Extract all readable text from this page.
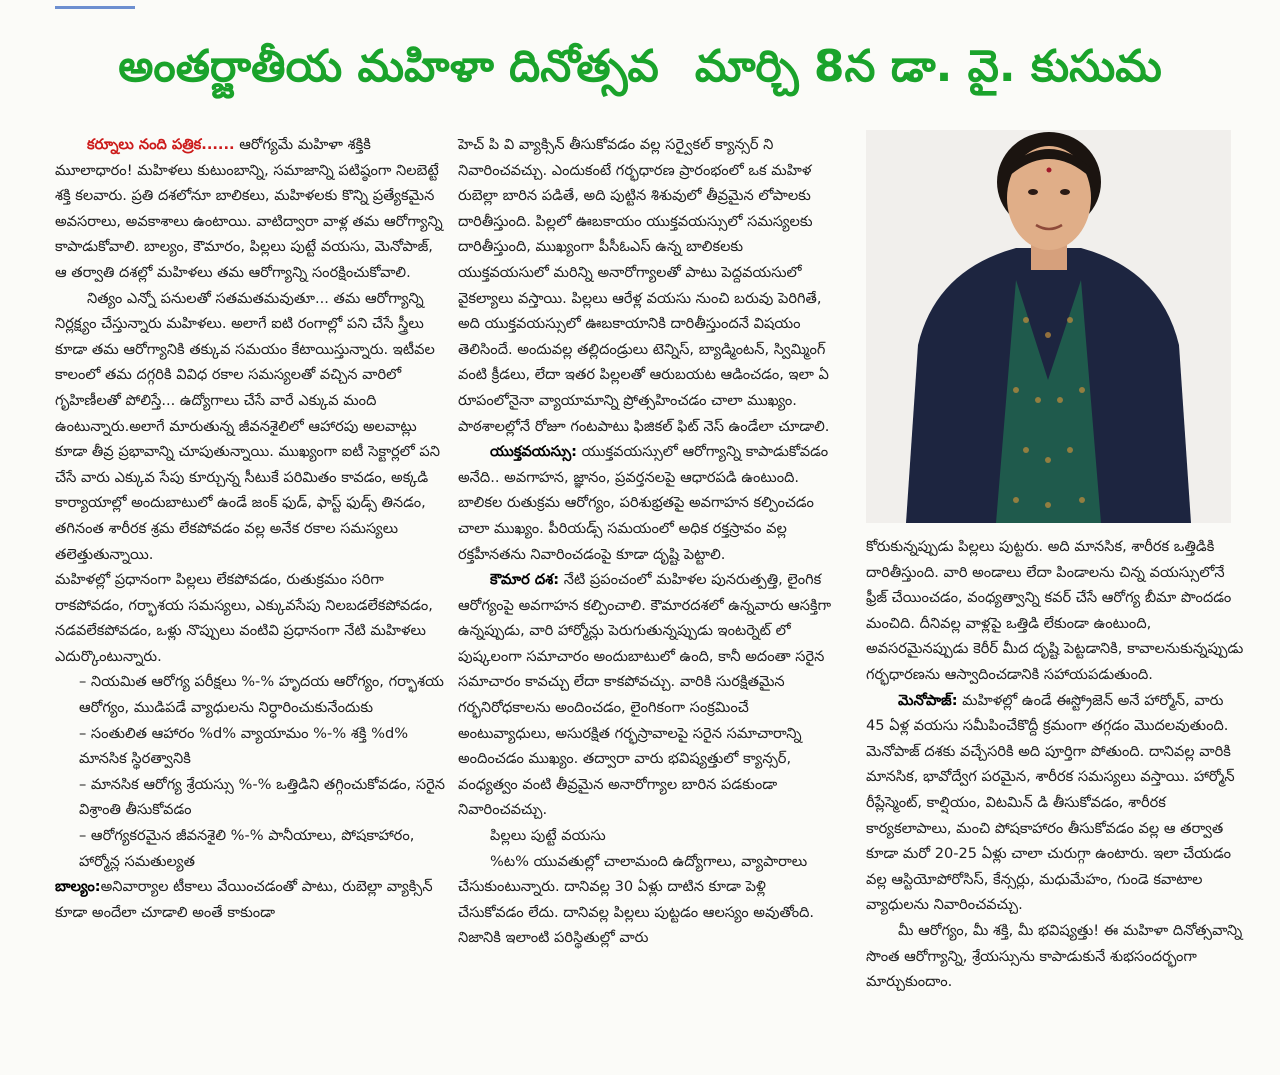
అంతర్జాతీయ మహిళా దినోత్సవ మార్చి 8న డా. వై. కుసుమ

కర్నూలు నంది పత్రిక...... ఆరోగ్యమే మహిళా శక్తికి మూలాధారం! మహిళలు కుటుంబాన్ని, సమాజాన్ని పటిష్ఠంగా నిలబెట్టే శక్తి కలవారు. ప్రతి దశలోనూ బాలికలు, మహిళలకు కొన్ని ప్రత్యేకమైన అవసరాలు, అవకాశాలు ఉంటాయి. వాటిద్వారా వాళ్ల తమ ఆరోగ్యాన్ని కాపాడుకోవాలి. బాల్యం, కౌమారం, పిల్లలు పుట్టే వయసు, మెనోపాజ్, ఆ తర్వాతి దశల్లో మహిళలు తమ ఆరోగ్యాన్ని సంరక్షించుకోవాలి.

నిత్యం ఎన్నో పనులతో సతమతమవుతూ... తమ ఆరోగ్యాన్ని నిర్లక్ష్యం చేస్తున్నారు మహిళలు. అలాగే ఐటి రంగాల్లో పని చేసే స్త్రీలు కూడా తమ ఆరోగ్యానికి తక్కువ సమయం కేటాయిస్తున్నారు. ఇటీవల కాలంలో తమ దగ్గరికి వివిధ రకాల సమస్యలతో వచ్చిన వారిలో గృహిణీలతో పోలిస్తే... ఉద్యోగాలు చేసే వారే ఎక్కువ మంది ఉంటున్నారు.అలాగే మారుతున్న జీవనశైలిలో ఆహారపు అలవాట్లు కూడా తీవ్ర ప్రభావాన్ని చూపుతున్నాయి. ముఖ్యంగా ఐటీ సెక్టార్లలో పని చేసే వారు ఎక్కువ సేపు కూర్చున్న సీటుకే పరిమితం కావడం, అక్కడి కార్యాయాల్లో అందుబాటులో ఉండే జంక్ ఫుడ్, ఫాస్ట్ ఫుడ్స్ తినడం, తగినంత శారీరక శ్రమ లేకపోవడం వల్ల అనేక రకాల సమస్యలు తలెత్తుతున్నాయి.

మహిళల్లో ప్రధానంగా పిల్లలు లేకపోవడం, రుతుక్రమం సరిగా రాకపోవడం, గర్భాశయ సమస్యలు, ఎక్కువసేపు నిలబడలేకపోవడం, నడవలేకపోవడం, ఒళ్లు నొప్పులు వంటివి ప్రధానంగా నేటి మహిళలు ఎదుర్కొంటున్నారు.

– నియమిత ఆరోగ్య పరీక్షలు %-% హృదయ ఆరోగ్యం, గర్భాశయ ఆరోగ్యం, ముడిపడే వ్యాధులను నిర్ధారించుకునేందుకు

– సంతులిత ఆహారం %d% వ్యాయామం %-% శక్తి %d% మానసిక స్థిరత్వానికి

– మానసిక ఆరోగ్య శ్రేయస్సు %-% ఒత్తిడిని తగ్గించుకోవడం, సరైన విశ్రాంతి తీసుకోవడం

– ఆరోగ్యకరమైన జీవనశైలి %-% పానీయాలు, పోషకాహారం, హార్మోన్ల సమతుల్యత

బాల్యం:అనివార్యాల టీకాలు వేయించడంతో పాటు, రుబెల్లా వ్యాక్సిన్ కూడా అందేలా చూడాలి అంతే కాకుండా

హెచ్ పి వి వ్యాక్సిన్ తీసుకోవడం వల్ల సర్వైకల్ క్యాన్సర్ ని నివారించవచ్చు. ఎందుకంటే గర్భధారణ ప్రారంభంలో ఒక మహిళ రుబెల్లా బారిన పడితే, అది పుట్టిన శిశువులో తీవ్రమైన లోపాలకు దారితీస్తుంది. పిల్లలో ఊబకాయం యుక్తవయస్సులో సమస్యలకు దారితీస్తుంది, ముఖ్యంగా పీసీఓఎస్ ఉన్న బాలికలకు యుక్తవయసులో మరిన్ని అనారోగ్యాలతో పాటు పెద్దవయసులో వైకల్యాలు వస్తాయి. పిల్లలు ఆరేళ్ల వయసు నుంచి బరువు పెరిగితే, అది యుక్తవయస్సులో ఊబకాయానికి దారితీస్తుందనే విషయం తెలిసిందే. అందువల్ల తల్లిదండ్రులు టెన్నిస్, బ్యాడ్మింటన్, స్విమ్మింగ్ వంటి క్రీడలు, లేదా ఇతర పిల్లలతో ఆరుబయట ఆడించడం, ఇలా ఏ రూపంలోనైనా వ్యాయామాన్ని ప్రోత్సహించడం చాలా ముఖ్యం. పాఠశాలల్లోనే రోజూ గంటపాటు ఫిజికల్ ఫిట్ నెస్ ఉండేలా చూడాలి.

యుక్తవయస్సు: యుక్తవయస్సులో ఆరోగ్యాన్ని కాపాడుకోవడం అనేది.. అవగాహన, జ్ఞానం, ప్రవర్తనలపై ఆధారపడి ఉంటుంది. బాలికల రుతుక్రమ ఆరోగ్యం, పరిశుభ్రతపై అవగాహన కల్పించడం చాలా ముఖ్యం. పీరియడ్స్ సమయంలో అధిక రక్తస్రావం వల్ల రక్తహీనతను నివారించడంపై కూడా దృష్టి పెట్టాలి.

కౌమార దశ: నేటి ప్రపంచంలో మహిళల పునరుత్పత్తి, లైంగిక ఆరోగ్యంపై అవగాహన కల్పించాలి. కౌమారదశలో ఉన్నవారు ఆసక్తిగా ఉన్నప్పుడు, వారి హార్మోన్లు పెరుగుతున్నప్పుడు ఇంటర్నెట్ లో పుష్కలంగా సమాచారం అందుబాటులో ఉంది, కానీ అదంతా సరైన సమాచారం కావచ్చు లేదా కాకపోవచ్చు. వారికి సురక్షితమైన గర్భనిరోధకాలను అందించడం, లైంగికంగా సంక్రమించే అంటువ్యాధులు, అసురక్షిత గర్భస్రావాలపై సరైన సమాచారాన్ని అందించడం ముఖ్యం. తద్వారా వారు భవిష్యత్తులో క్యాన్సర్, వంధ్యత్వం వంటి తీవ్రమైన అనారోగ్యాల బారిన పడకుండా నివారించవచ్చు.

పిల్లలు పుట్టే వయసు

%ట% యువతుల్లో చాలామంది ఉద్యోగాలు, వ్యాపారాలు చేసుకుంటున్నారు. దానివల్ల 30 ఏళ్లు దాటిన కూడా పెళ్లి చేసుకోవడం లేదు. దానివల్ల పిల్లలు పుట్టడం ఆలస్యం అవుతోంది. నిజానికి ఇలాంటి పరిస్థితుల్లో వారు

కోరుకున్నప్పుడు పిల్లలు పుట్టరు. అది మానసిక, శారీరక ఒత్తిడికి దారితీస్తుంది. వారి అండాలు లేదా పిండాలను చిన్న వయస్సులోనే ఫ్రీజ్ చేయించడం, వంధ్యత్వాన్ని కవర్ చేసే ఆరోగ్య బీమా పొందడం మంచిది. దీనివల్ల వాళ్లపై ఒత్తిడి లేకుండా ఉంటుంది, అవసరమైనప్పుడు కెరీర్ మీద దృష్టి పెట్టడానికి, కావాలనుకున్నప్పుడు గర్భధారణను ఆస్వాదించడానికి సహాయపడుతుంది.

మెనోపాజ్: మహిళల్లో ఉండే ఈస్ట్రోజెన్ అనే హార్మోన్, వారు 45 ఏళ్ల వయసు సమీపించేకొద్దీ క్రమంగా తగ్గడం మొదలవుతుంది. మెనోపాజ్ దశకు వచ్చేసరికి అది పూర్తిగా పోతుంది. దానివల్ల వారికి మానసిక, భావోద్వేగ పరమైన, శారీరక సమస్యలు వస్తాయి. హార్మోన్ రీప్లేస్మెంట్, కాల్షియం, విటమిన్ డి తీసుకోవడం, శారీరక కార్యకలాపాలు, మంచి పోషకాహారం తీసుకోవడం వల్ల ఆ తర్వాత కూడా మరో 20-25 ఏళ్లు చాలా చురుగ్గా ఉంటారు. ఇలా చేయడం వల్ల ఆస్టియోపోరోసిస్, కేన్సర్లు, మధుమేహం, గుండె కవాటాల వ్యాధులను నివారించవచ్చు.

మీ ఆరోగ్యం, మీ శక్తి, మీ భవిష్యత్తు! ఈ మహిళా దినోత్సవాన్ని సొంత ఆరోగ్యాన్ని, శ్రేయస్సును కాపాడుకునే శుభసందర్భంగా మార్చుకుందాం.
